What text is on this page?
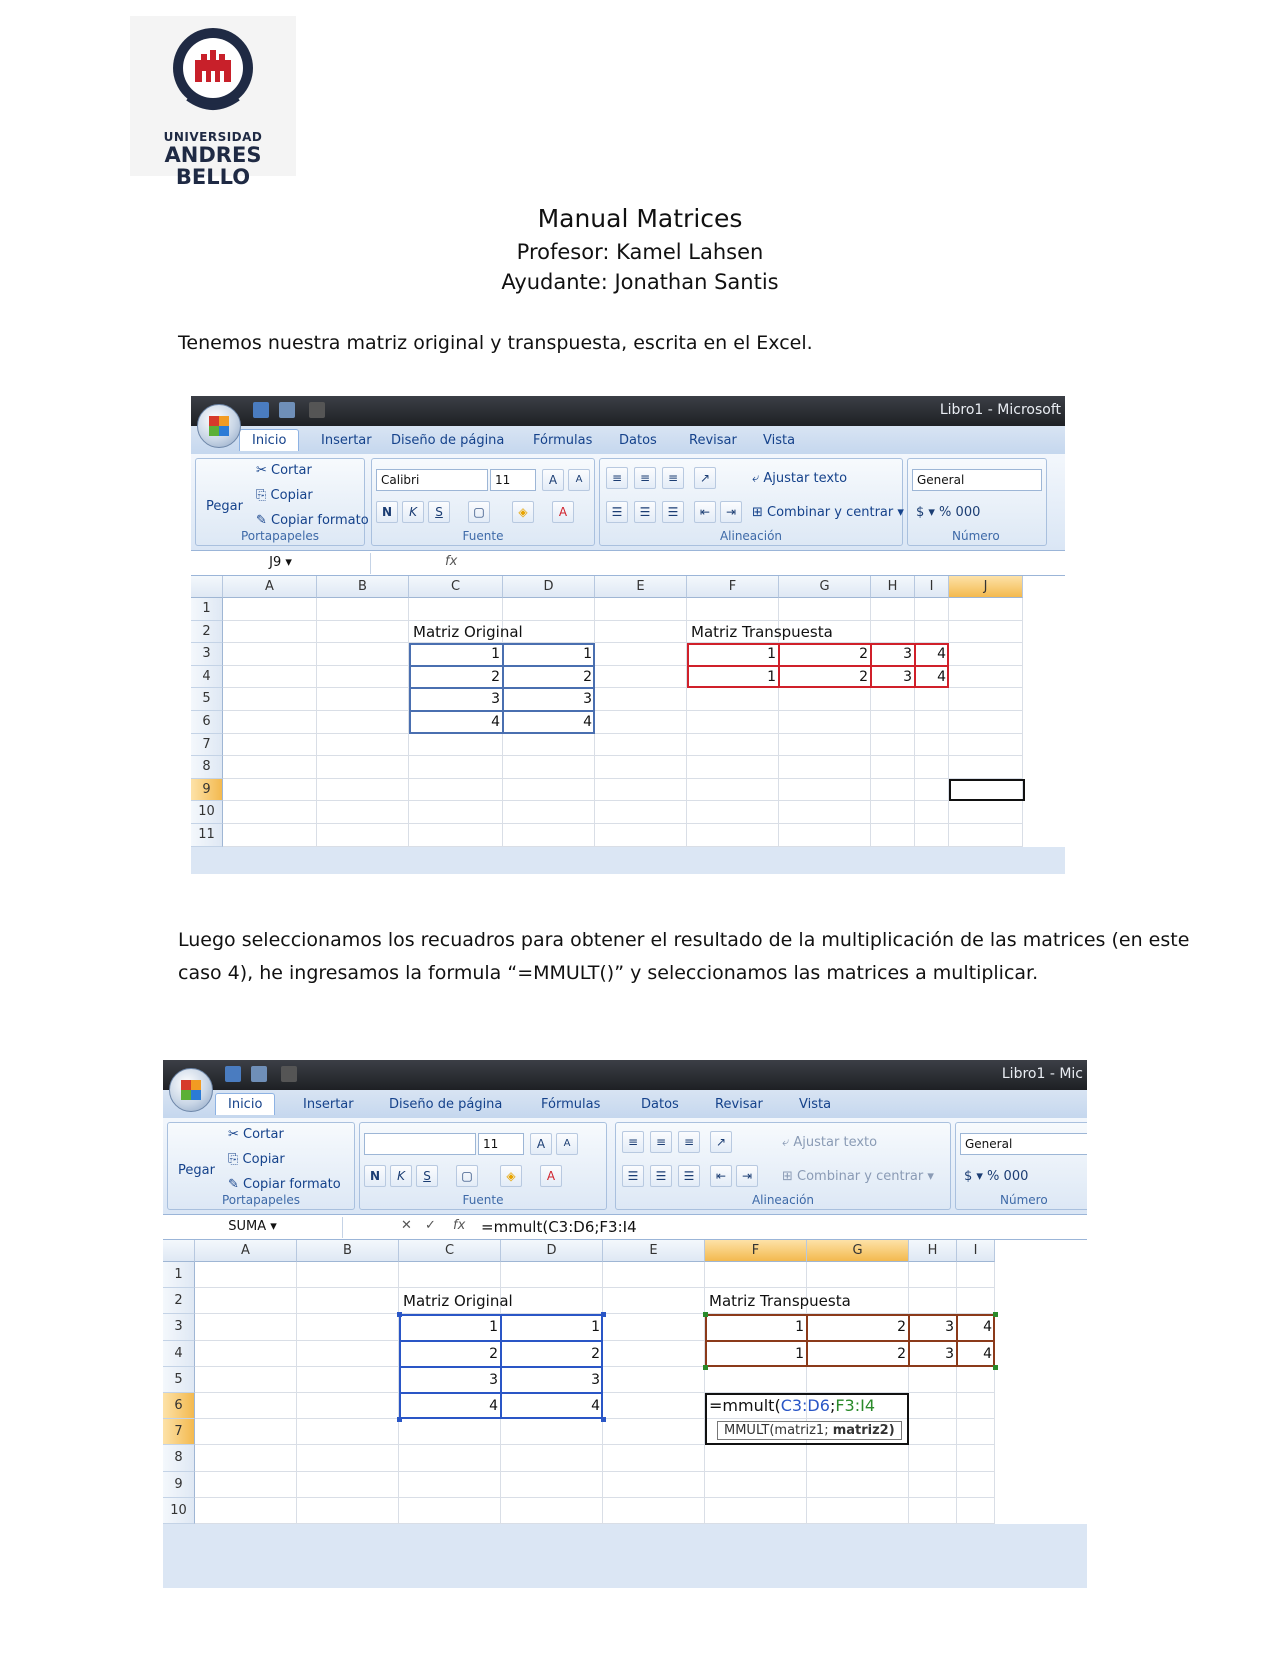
UNIVERSIDAD
ANDRES BELLO
Manual Matrices
Profesor: Kamel Lahsen
Ayudante: Jonathan Santis
Tenemos nuestra matriz original y transpuesta, escrita en el Excel.
Libro1 - Microsoft
Inicio	Insertar Diseño de página Fórmulas Datos Revisar Vista
Pegar
✂ Cortar
⎘ Copiar
✎ Copiar formato
Portapapeles
Calibri	11	A	A
N	K	S	▢	◈	A
Fuente
≡	≡	≡	↗
☰	☰	☰	⇤	⇥
⤶ Ajustar texto
⊞ Combinar y centrar ▾
Alineación
General
$ ▾ % 000
Número
J9 ▾	fx
A	B	C	D	E	F	G	H	I	J
1
2
3
4
5
6
7
8
9
10
11
Matriz Original	Matriz Transpuesta
1	1
2	2
3	3
4	4
1	2	3	4
1	2	3	4
Luego seleccionamos los recuadros para obtener el resultado de la multiplicación de las matrices (en este caso 4), he ingresamos la formula “=MMULT()” y seleccionamos las matrices a multiplicar.
Libro1 - Mic
Inicio	Insertar	Diseño de página	Fórmulas	Datos	Revisar	Vista
Pegar
✂ Cortar
⎘ Copiar
✎ Copiar formato
Portapapeles
11	A	A
N	K	S	▢	◈	A
Fuente
≡	≡	≡	↗
☰	☰	☰	⇤	⇥
⤶ Ajustar texto
⊞ Combinar y centrar ▾
Alineación
General
$ ▾ % 000
Número
SUMA ▾	fx
✕ ✓	=mmult(C3:D6;F3:I4
A	B	C	D	E	F	G	H	I
1
2
3
4
5
6
7
8
9
10
Matriz Original	Matriz Transpuesta
1	1
2	2
3	3
4	4
1	2	3	4
1	2	3	4
=mmult(C3:D6;F3:I4
MMULT(matriz1; matriz2)
